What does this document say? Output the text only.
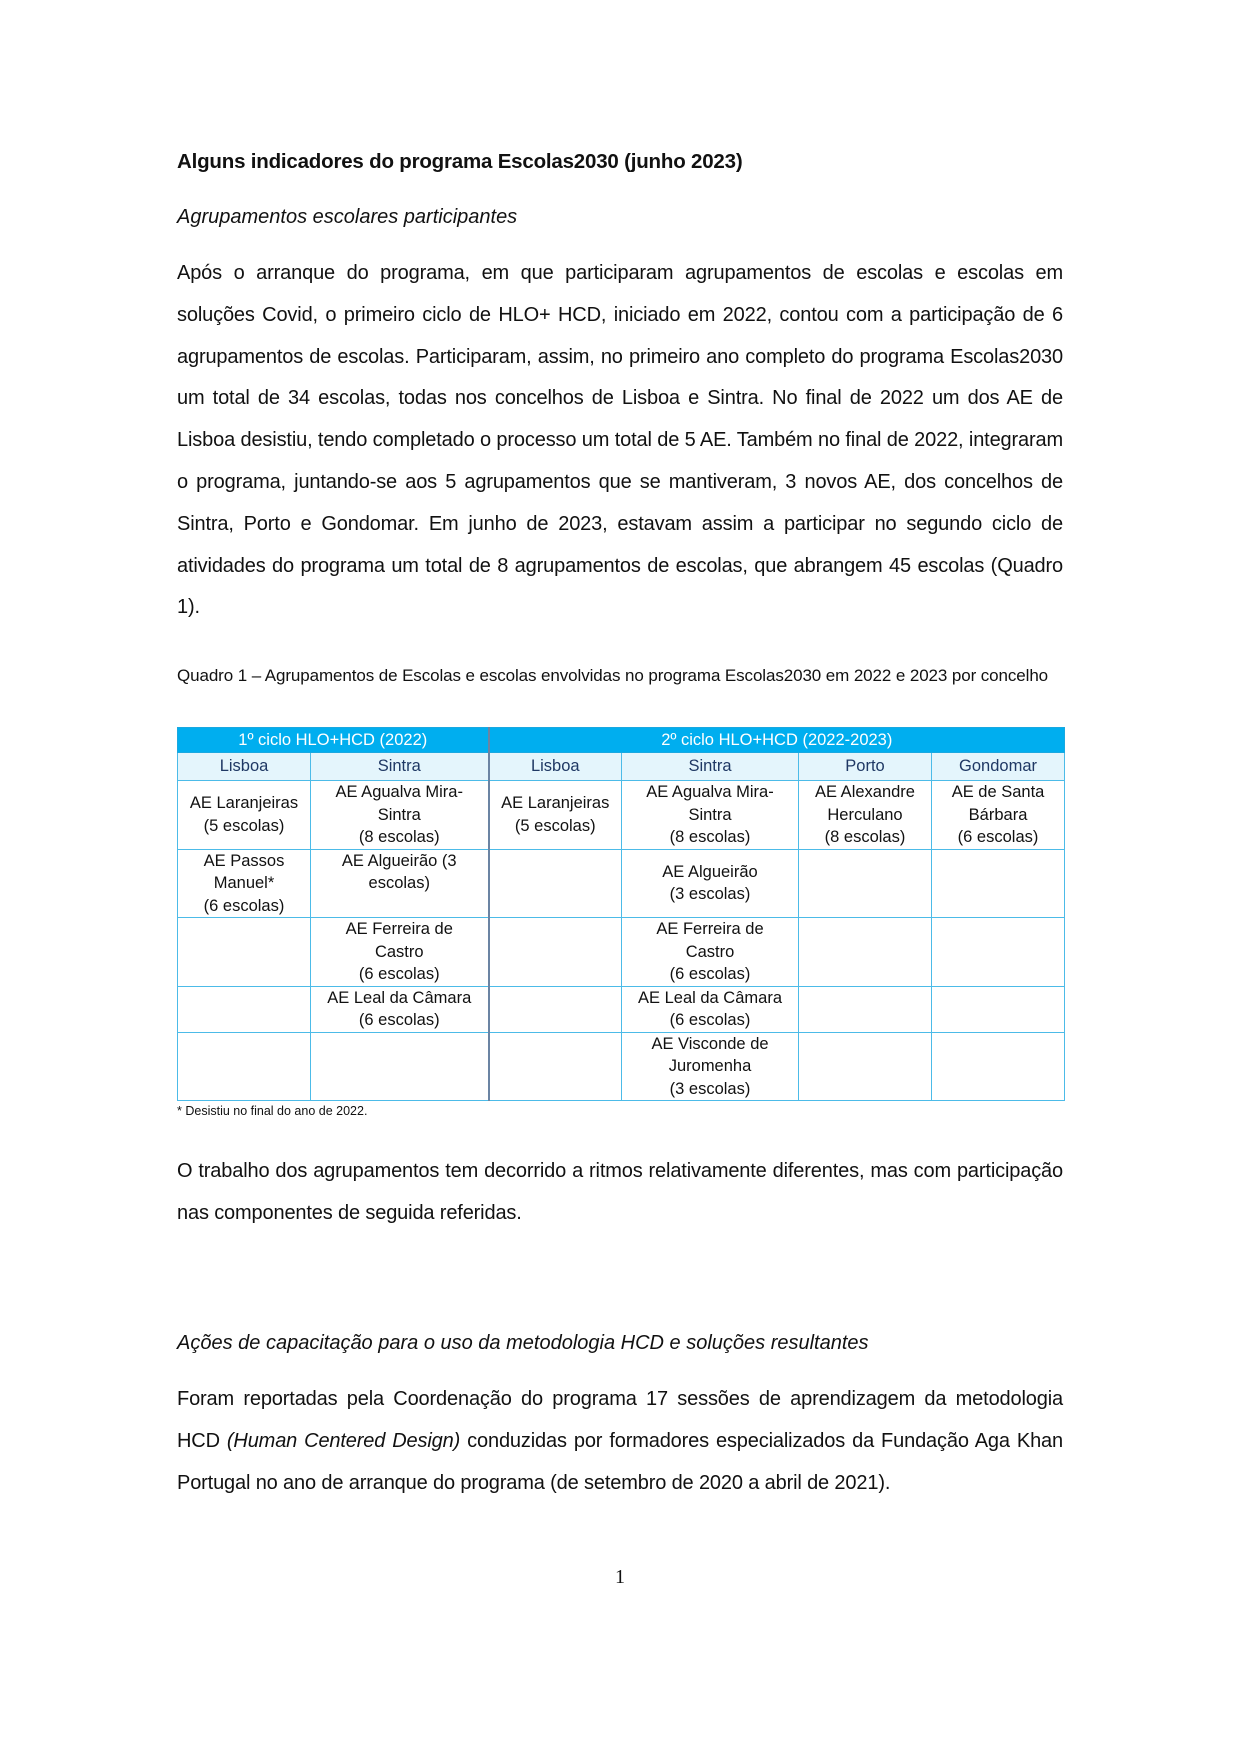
Alguns indicadores do programa Escolas2030 (junho 2023)
Agrupamentos escolares participantes
Após o arranque do programa, em que participaram agrupamentos de escolas e escolas em soluções Covid, o primeiro ciclo de HLO+ HCD, iniciado em 2022, contou com a participação de 6 agrupamentos de escolas. Participaram, assim, no primeiro ano completo do programa Escolas2030 um total de 34 escolas, todas nos concelhos de Lisboa e Sintra. No final de 2022 um dos AE de Lisboa desistiu, tendo completado o processo um total de 5 AE. Também no final de 2022, integraram o programa, juntando-se aos 5 agrupamentos que se mantiveram, 3 novos AE, dos concelhos de Sintra, Porto e Gondomar. Em junho de 2023, estavam assim a participar no segundo ciclo de atividades do programa um total de 8 agrupamentos de escolas, que abrangem 45 escolas (Quadro 1).
Quadro 1 – Agrupamentos de Escolas e escolas envolvidas no programa Escolas2030 em 2022 e 2023 por concelho
1º ciclo HLO+HCD (2022)		2º ciclo HLO+HCD (2022-2023)			
Lisboa	Sintra	Lisboa	Sintra	Porto	Gondomar

AE Laranjeiras
(5 escolas)	AE Agualva Mira-
Sintra
(8 escolas)	AE Laranjeiras
(5 escolas)	AE Agualva Mira-
Sintra
(8 escolas)	AE Alexandre
Herculano
(8 escolas)	AE de Santa
Bárbara
(6 escolas)

AE Passos
Manuel*
(6 escolas)	AE Algueirão (3
escolas)		AE Algueirão
(3 escolas)		

	AE Ferreira de
Castro
(6 escolas)		AE Ferreira de
Castro
(6 escolas)		

	AE Leal da Câmara
(6 escolas)		AE Leal da Câmara
(6 escolas)		

			AE Visconde de
Juromenha
(3 escolas)		

* Desistiu no final do ano de 2022.
O trabalho dos agrupamentos tem decorrido a ritmos relativamente diferentes, mas com participação nas componentes de seguida referidas.
Ações de capacitação para o uso da metodologia HCD e soluções resultantes
Foram reportadas pela Coordenação do programa 17 sessões de aprendizagem da metodologia HCD (Human Centered Design) conduzidas por formadores especializados da Fundação Aga Khan Portugal no ano de arranque do programa (de setembro de 2020 a abril de 2021).
1
